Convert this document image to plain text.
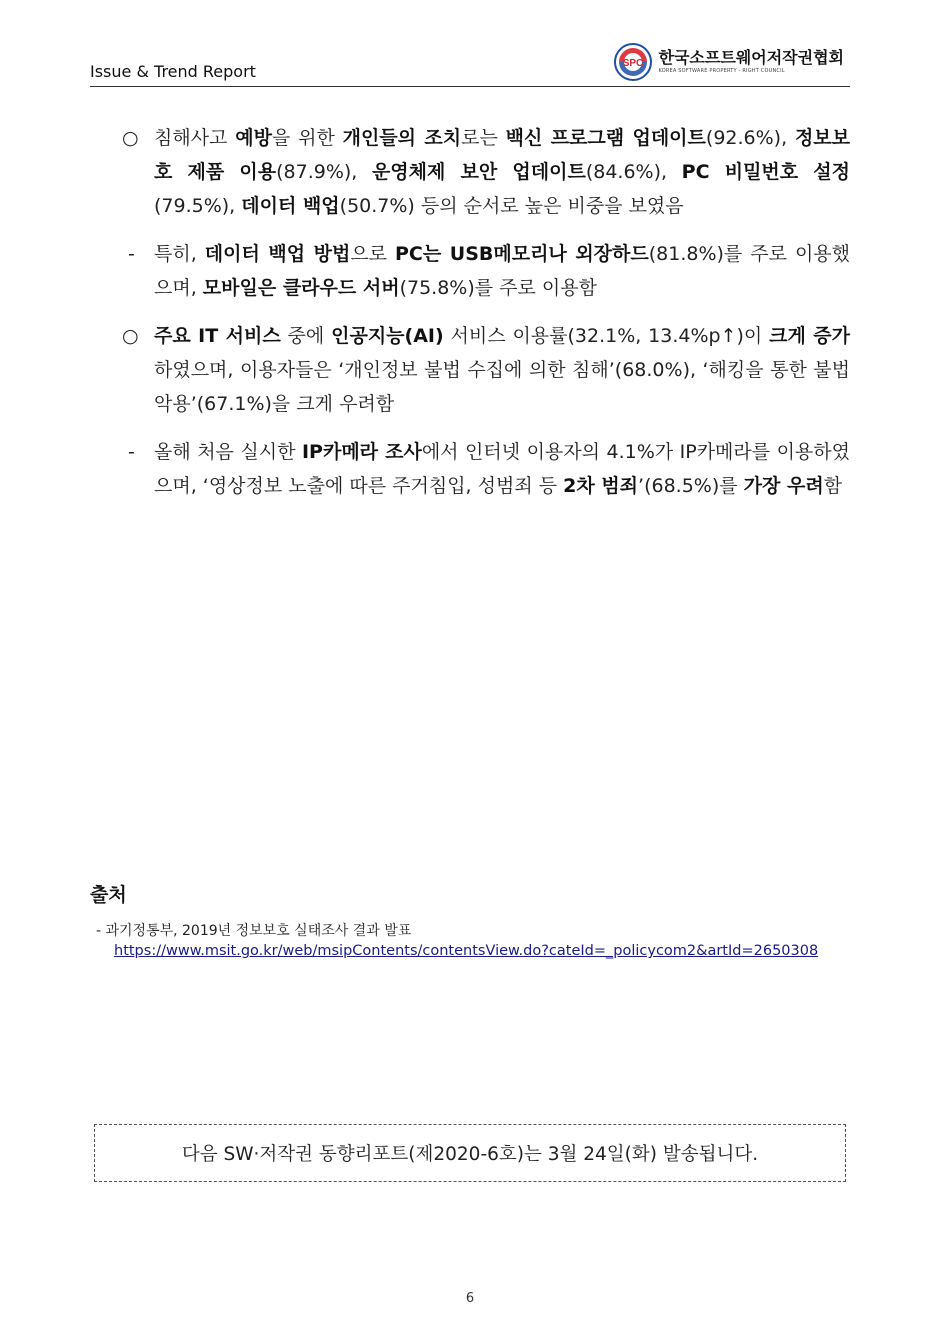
Issue & Trend Report	SPC 한국소프트웨어저작권협회
KOREA SOFTWARE PROPERTY - RIGHT COUNCIL
○ 침해사고 예방을 위한 개인들의 조치로는 백신 프로그램 업데이트(92.6%), 정보보호 제품 이용(87.9%), 운영체제 보안 업데이트(84.6%), PC 비밀번호 설정(79.5%), 데이터 백업(50.7%) 등의 순서로 높은 비중을 보였음
-	특히, 데이터 백업 방법으로 PC는 USB메모리나 외장하드(81.8%)를 주로 이용했으며, 모바일은 클라우드 서버(75.8%)를 주로 이용함
○ 주요 IT 서비스 중에 인공지능(AI) 서비스 이용률(32.1%, 13.4%p↑)이 크게 증가하였으며, 이용자들은 ‘개인정보 불법 수집에 의한 침해’(68.0%), ‘해킹을 통한 불법 악용’(67.1%)을 크게 우려함
-	올해 처음 실시한 IP카메라 조사에서 인터넷 이용자의 4.1%가 IP카메라를 이용하였으며, ‘영상정보 노출에 따른 주거침입, 성범죄 등 2차 범죄’(68.5%)를 가장 우려함
출처
- 과기정통부, 2019년 정보보호 실태조사 결과 발표
https://www.msit.go.kr/web/msipContents/contentsView.do?cateId=_policycom2&artId=2650308
다음 SW·저작권 동향리포트(제2020-6호)는 3월 24일(화) 발송됩니다.
6
